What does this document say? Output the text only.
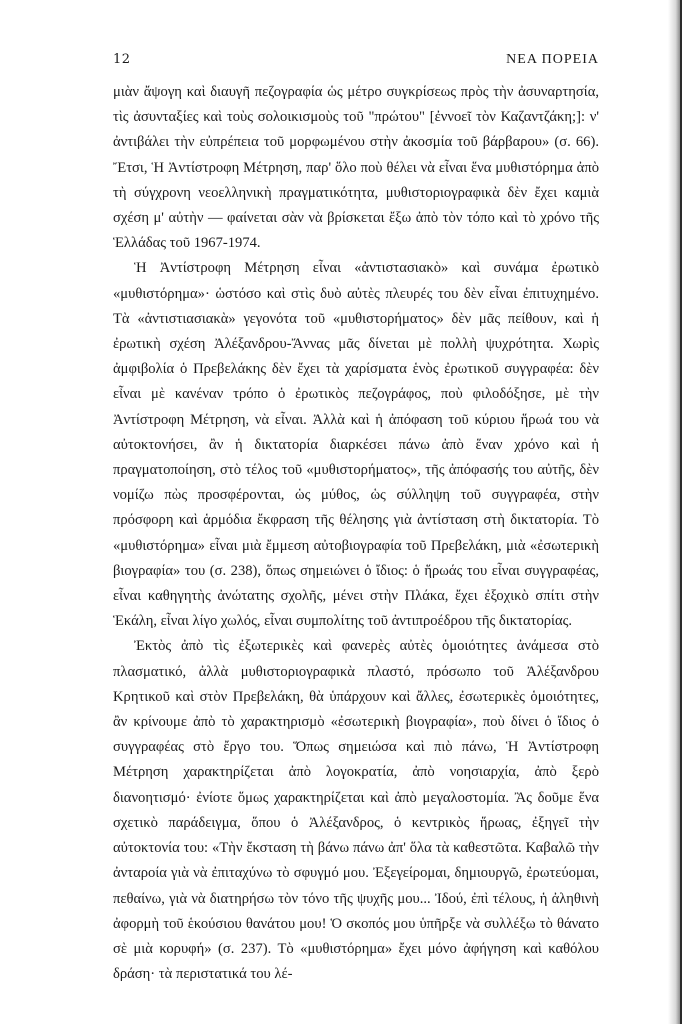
12	ΝΕΑ ΠΟΡΕΙΑ

μιὰν ἄψογη καὶ διαυγῆ πεζογραφία ὡς μέτρο συγκρίσεως πρὸς τὴν ἀσυναρτησία, τὶς ἀσυνταξίες καὶ τοὺς σολοικισμοὺς τοῦ "πρώτου" [ἐννοεῖ τὸν Καζαντζάκη;]: ν' ἀντιβάλει τὴν εὐπρέπεια τοῦ μορφωμένου στὴν ἀκοσμία τοῦ βάρβαρου» (σ. 66). Ἔτσι, Ἡ Ἀντίστροφη Μέτρηση, παρ' ὅλο ποὺ θέλει νὰ εἶναι ἕνα μυθιστόρημα ἀπὸ τὴ σύγχρονη νεοελληνικὴ πραγματικότητα, μυθιστοριογραφικὰ δὲν ἔχει καμιὰ σχέση μ' αὐτὴν — φαίνεται σὰν νὰ βρίσκεται ἔξω ἀπὸ τὸν τόπο καὶ τὸ χρόνο τῆς Ἑλλάδας τοῦ 1967-1974.

Ἡ Ἀντίστροφη Μέτρηση εἶναι «ἀντιστασιακὸ» καὶ συνάμα ἐρωτικὸ «μυθιστόρημα»· ὡστόσο καὶ στὶς δυὸ αὐτὲς πλευρές του δὲν εἶναι ἐπιτυχημένο. Τὰ «ἀντιστιασιακὰ» γεγονότα τοῦ «μυθιστορήματος» δὲν μᾶς πείθουν, καὶ ἡ ἐρωτικὴ σχέση Ἀλέξανδρου-Ἄννας μᾶς δίνεται μὲ πολλὴ ψυχρότητα. Χωρὶς ἀμφιβολία ὁ Πρεβελάκης δὲν ἔχει τὰ χαρίσματα ἑνὸς ἐρωτικοῦ συγγραφέα: δὲν εἶναι μὲ κανέναν τρόπο ὁ ἐρωτικὸς πεζογράφος, ποὺ φιλοδόξησε, μὲ τὴν Ἀντίστροφη Μέτρηση, νὰ εἶναι. Ἀλλὰ καὶ ἡ ἀπόφαση τοῦ κύριου ἥρωά του νὰ αὐτοκτονήσει, ἂν ἡ δικτατορία διαρκέσει πάνω ἀπὸ ἕναν χρόνο καὶ ἡ πραγματοποίηση, στὸ τέλος τοῦ «μυθιστορήματος», τῆς ἀπόφασής του αὐτῆς, δὲν νομίζω πὼς προσφέρονται, ὡς μύθος, ὡς σύλληψη τοῦ συγγραφέα, στὴν πρόσφορη καὶ ἁρμόδια ἔκφραση τῆς θέλησης γιὰ ἀντίσταση στὴ δικτατορία. Τὸ «μυθιστόρημα» εἶναι μιὰ ἔμμεση αὐτοβιογραφία τοῦ Πρεβελάκη, μιὰ «ἐσωτερικὴ βιογραφία» του (σ. 238), ὅπως σημειώνει ὁ ἴδιος: ὁ ἥρωάς του εἶναι συγγραφέας, εἶναι καθηγητὴς ἀνώτατης σχολῆς, μένει στὴν Πλάκα, ἔχει ἐξοχικὸ σπίτι στὴν Ἑκάλη, εἶναι λίγο χωλός, εἶναι συμπολίτης τοῦ ἀντιπροέδρου τῆς δικτατορίας.

Ἐκτὸς ἀπὸ τὶς ἐξωτερικὲς καὶ φανερὲς αὐτὲς ὁμοιότητες ἀνάμεσα στὸ πλασματικό, ἀλλὰ μυθιστοριογραφικὰ πλαστό, πρόσωπο τοῦ Ἀλέξανδρου Κρητικοῦ καὶ στὸν Πρεβελάκη, θὰ ὑπάρχουν καὶ ἄλλες, ἐσωτερικὲς ὁμοιότητες, ἂν κρίνουμε ἀπὸ τὸ χαρακτηρισμὸ «ἐσωτερικὴ βιογραφία», ποὺ δίνει ὁ ἴδιος ὁ συγγραφέας στὸ ἔργο του. Ὅπως σημειώσα καὶ πιὸ πάνω, Ἡ Ἀντίστροφη Μέτρηση χαρακτηρίζεται ἀπὸ λογοκρατία, ἀπὸ νοησιαρχία, ἀπὸ ξερὸ διανοητισμό· ἐνίοτε ὅμως χαρακτηρίζεται καὶ ἀπὸ μεγαλοστομία. Ἂς δοῦμε ἕνα σχετικὸ παράδειγμα, ὅπου ὁ Ἀλέξανδρος, ὁ κεντρικὸς ἥρωας, ἐξηγεῖ τὴν αὐτοκτονία του: «Τὴν ἔκσταση τὴ βάνω πάνω ἀπ' ὅλα τὰ καθεστῶτα. Καβαλῶ τὴν ἀνταροία γιὰ νὰ ἐπιταχύνω τὸ σφυγμό μου. Ἐξεγείρομαι, δημιουργῶ, ἐρωτεύομαι, πεθαίνω, γιὰ νὰ διατηρήσω τὸν τόνο τῆς ψυχῆς μου... Ἰδού, ἐπὶ τέλους, ἡ ἀληθινὴ ἀφορμὴ τοῦ ἑκούσιου θανάτου μου! Ὁ σκοπός μου ὑπῆρξε νὰ συλλέξω τὸ θάνατο σὲ μιὰ κορυφή» (σ. 237). Τὸ «μυθιστόρημα» ἔχει μόνο ἀφήγηση καὶ καθόλου δράση· τὰ περιστατικά του λέ-
